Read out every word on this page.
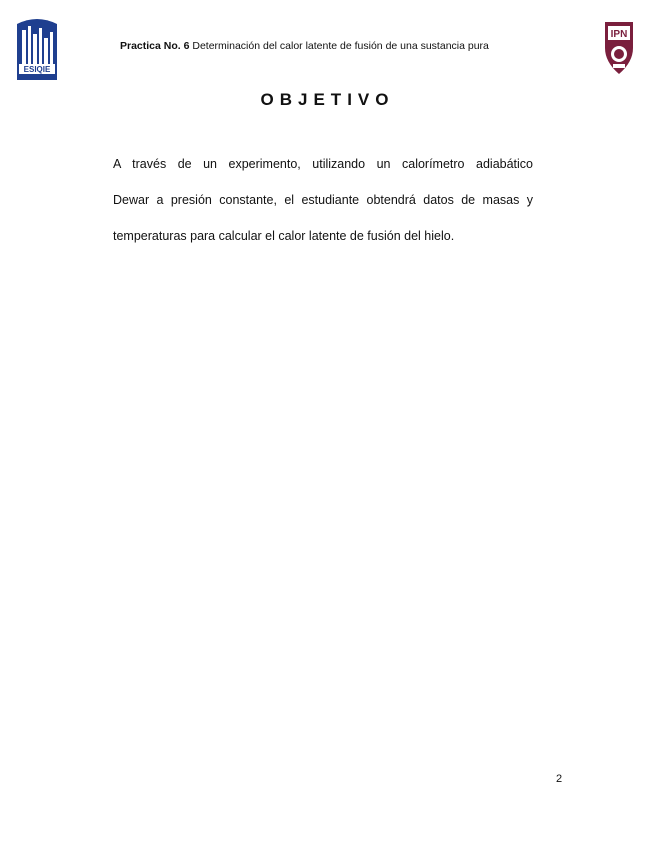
ESIQIE
Practica No. 6 Determinación del calor latente de fusión de una sustancia pura
IPN
OBJETIVO
A través de un experimento, utilizando un calorímetro adiabático
Dewar a presión constante, el estudiante obtendrá datos de masas y
temperaturas para calcular el calor latente de fusión del hielo.
2
